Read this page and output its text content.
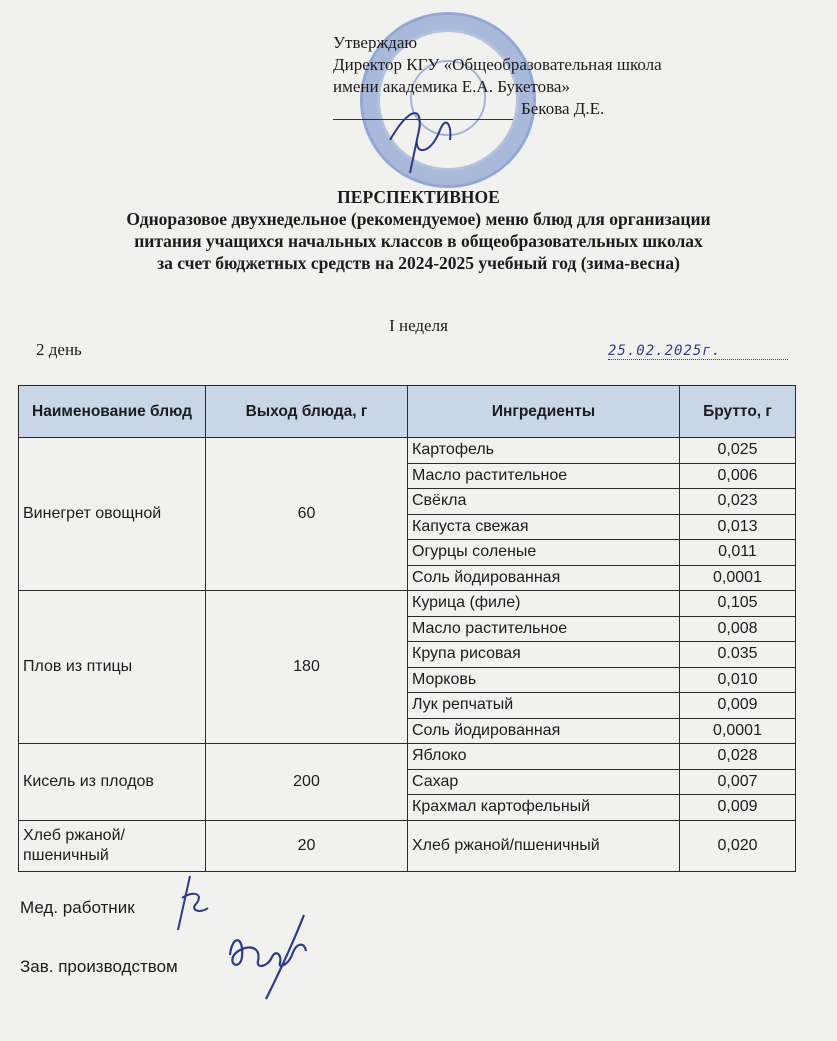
Утверждаю
Директор КГУ «Общеобразовательная школа
имени академика Е.А. Букетова»
Бекова Д.Е.
ПЕРСПЕКТИВНОЕ
Одноразовое двухнедельное (рекомендуемое) меню блюд для организации
питания учащихся начальных классов в общеобразовательных школах
за счет бюджетных средств на 2024-2025 учебный год (зима-весна)
I неделя
2 день	25.02.2025г.
Наименование блюд	Выход блюда, г	Ингредиенты	Брутто, г
Винегрет овощной	60	Картофель	0,025
		Масло растительное	0,006
		Свёкла	0,023
		Капуста свежая	0,013
		Огурцы соленые	0,011
		Соль йодированная	0,0001
Плов из птицы	180	Курица (филе)	0,105
		Масло растительное	0,008
		Крупа рисовая	0.035
		Морковь	0,010
		Лук репчатый	0,009
		Соль йодированная	0,0001
Кисель из плодов	200	Яблоко	0,028
		Сахар	0,007
		Крахмал картофельный	0,009
Хлеб ржаной/ пшеничный	20	Хлеб ржаной/пшеничный	0,020
Мед. работник
Зав. производством
